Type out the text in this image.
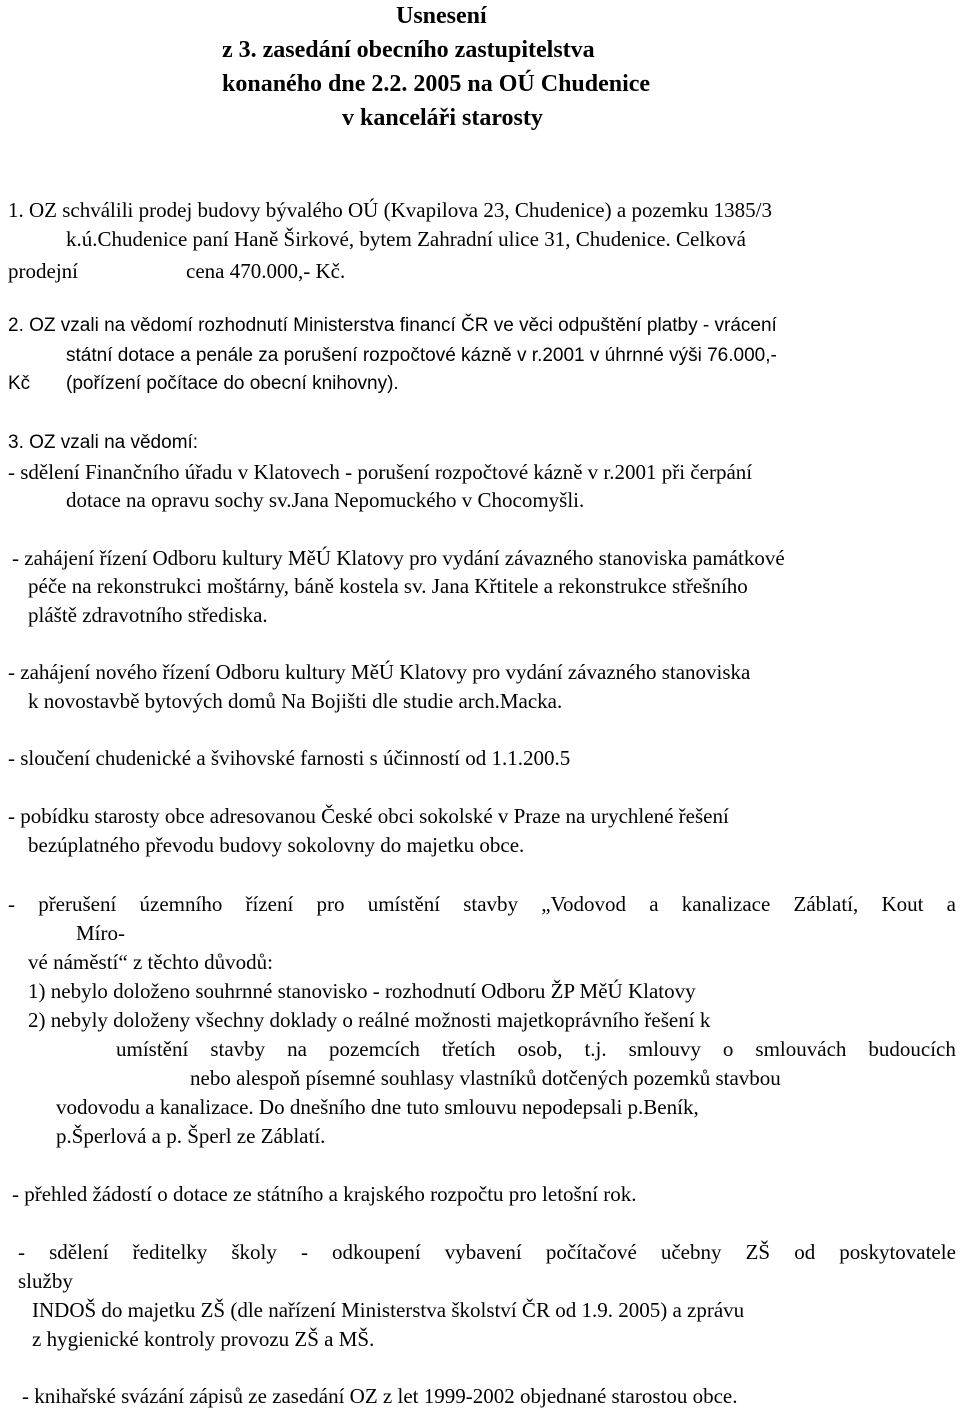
Usnesení
z 3. zasedání obecního zastupitelstva
konaného dne 2.2. 2005 na OÚ Chudenice
v kanceláři starosty
1. OZ schválili prodej budovy bývalého OÚ (Kvapilova 23, Chudenice) a pozemku 1385/3
k.ú.Chudenice paní Haně Širkové, bytem Zahradní ulice 31, Chudenice. Celková
prodejní	cena 470.000,- Kč.
2. OZ vzali na vědomí rozhodnutí Ministerstva financí ČR ve věci odpuštění platby - vrácení
státní dotace a penále za porušení rozpočtové kázně v r.2001 v úhrnné výši 76.000,-
Kč (pořízení počítace do obecní knihovny).
3. OZ vzali na vědomí:
- sdělení Finančního úřadu v Klatovech - porušení rozpočtové kázně v r.2001 při čerpání
dotace na opravu sochy sv.Jana Nepomuckého v Chocomyšli.
- zahájení řízení Odboru kultury MěÚ Klatovy pro vydání závazného stanoviska památkové
péče na rekonstrukci moštárny, báně kostela sv. Jana Křtitele a rekonstrukce střešního
pláště zdravotního střediska.
- zahájení nového řízení Odboru kultury MěÚ Klatovy pro vydání závazného stanoviska
k novostavbě bytových domů Na Bojišti dle studie arch.Macka.
- sloučení chudenické a švihovské farnosti s účinností od 1.1.200.5
- pobídku starosty obce adresovanou České obci sokolské v Praze na urychlené řešení
bezúplatného převodu budovy sokolovny do majetku obce.
- přerušení územního řízení pro umístění stavby „Vodovod a kanalizace Záblatí, Kout a
Míro-
vé náměstí“ z těchto důvodů:
1) nebylo doloženo souhrnné stanovisko - rozhodnutí Odboru ŽP MěÚ Klatovy
2) nebyly doloženy všechny doklady o reálné možnosti majetkoprávního řešení k
umístění stavby na pozemcích třetích osob, t.j. smlouvy o smlouvách budoucích
nebo alespoň písemné souhlasy vlastníků dotčených pozemků stavbou
vodovodu a kanalizace. Do dnešního dne tuto smlouvu nepodepsali p.Beník,
p.Šperlová a p. Šperl ze Záblatí.
- přehled žádostí o dotace ze státního a krajského rozpočtu pro letošní rok.
- sdělení ředitelky školy - odkoupení vybavení počítačové učebny ZŠ od poskytovatele
služby
INDOŠ do majetku ZŠ (dle nařízení Ministerstva školství ČR od 1.9. 2005) a zprávu
z hygienické kontroly provozu ZŠ a MŠ.
- knihařské svázání zápisů ze zasedání OZ z let 1999-2002 objednané starostou obce.
